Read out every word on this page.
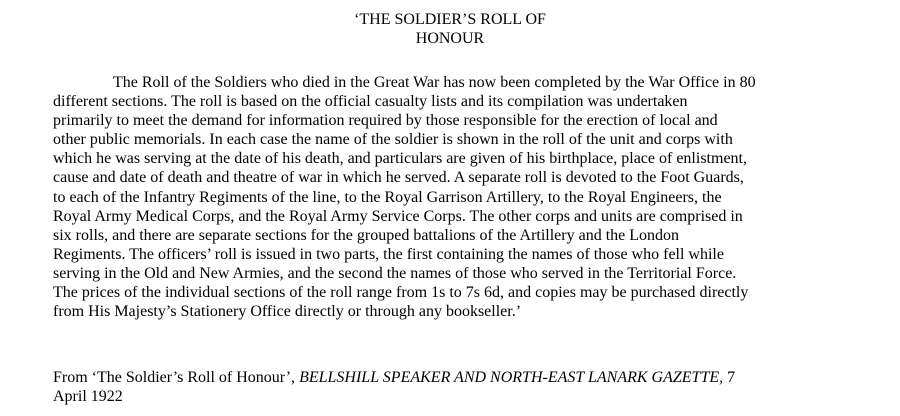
‘THE SOLDIER’S ROLL OF
HONOUR

The Roll of the Soldiers who died in the Great War has now been completed by the War Office in 80
different sections. The roll is based on the official casualty lists and its compilation was undertaken
primarily to meet the demand for information required by those responsible for the erection of local and
other public memorials. In each case the name of the soldier is shown in the roll of the unit and corps with
which he was serving at the date of his death, and particulars are given of his birthplace, place of enlistment,
cause and date of death and theatre of war in which he served. A separate roll is devoted to the Foot Guards,
to each of the Infantry Regiments of the line, to the Royal Garrison Artillery, to the Royal Engineers, the
Royal Army Medical Corps, and the Royal Army Service Corps. The other corps and units are comprised in
six rolls, and there are separate sections for the grouped battalions of the Artillery and the London
Regiments. The officers’ roll is issued in two parts, the first containing the names of those who fell while
serving in the Old and New Armies, and the second the names of those who served in the Territorial Force.
The prices of the individual sections of the roll range from 1s to 7s 6d, and copies may be purchased directly
from His Majesty’s Stationery Office directly or through any bookseller.’

From ‘The Soldier’s Roll of Honour’, BELLSHILL SPEAKER AND NORTH-EAST LANARK GAZETTE, 7
April 1922
